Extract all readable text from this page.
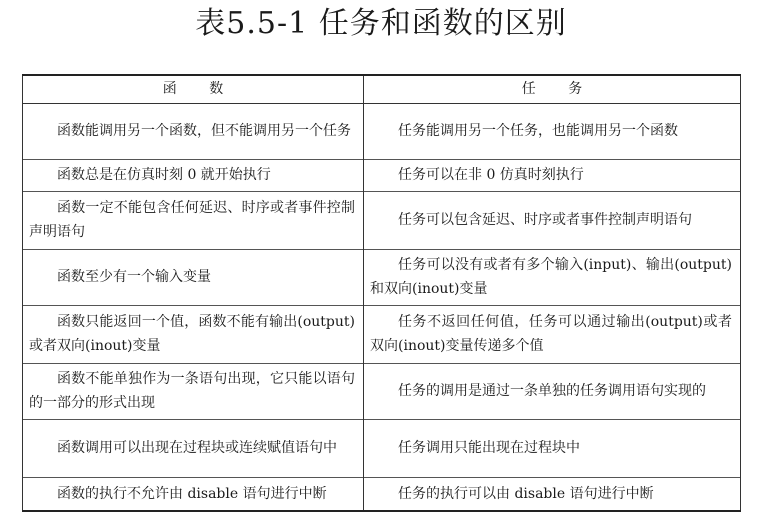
表5.5-1 任务和函数的区别
函 数	任 务
函数能调用另一个函数，但不能调用另一个任务	任务能调用另一个任务，也能调用另一个函数
函数总是在仿真时刻 0 就开始执行	任务可以在非 0 仿真时刻执行
函数一定不能包含任何延迟、时序或者事件控制声明语句	任务可以包含延迟、时序或者事件控制声明语句
函数至少有一个输入变量	任务可以没有或者有多个输入(input)、输出(output)和双向(inout)变量
函数只能返回一个值，函数不能有输出(output)或者双向(inout)变量	任务不返回任何值，任务可以通过输出(output)或者双向(inout)变量传递多个值
函数不能单独作为一条语句出现，它只能以语句的一部分的形式出现	任务的调用是通过一条单独的任务调用语句实现的
函数调用可以出现在过程块或连续赋值语句中	任务调用只能出现在过程块中
函数的执行不允许由 disable 语句进行中断	任务的执行可以由 disable 语句进行中断
